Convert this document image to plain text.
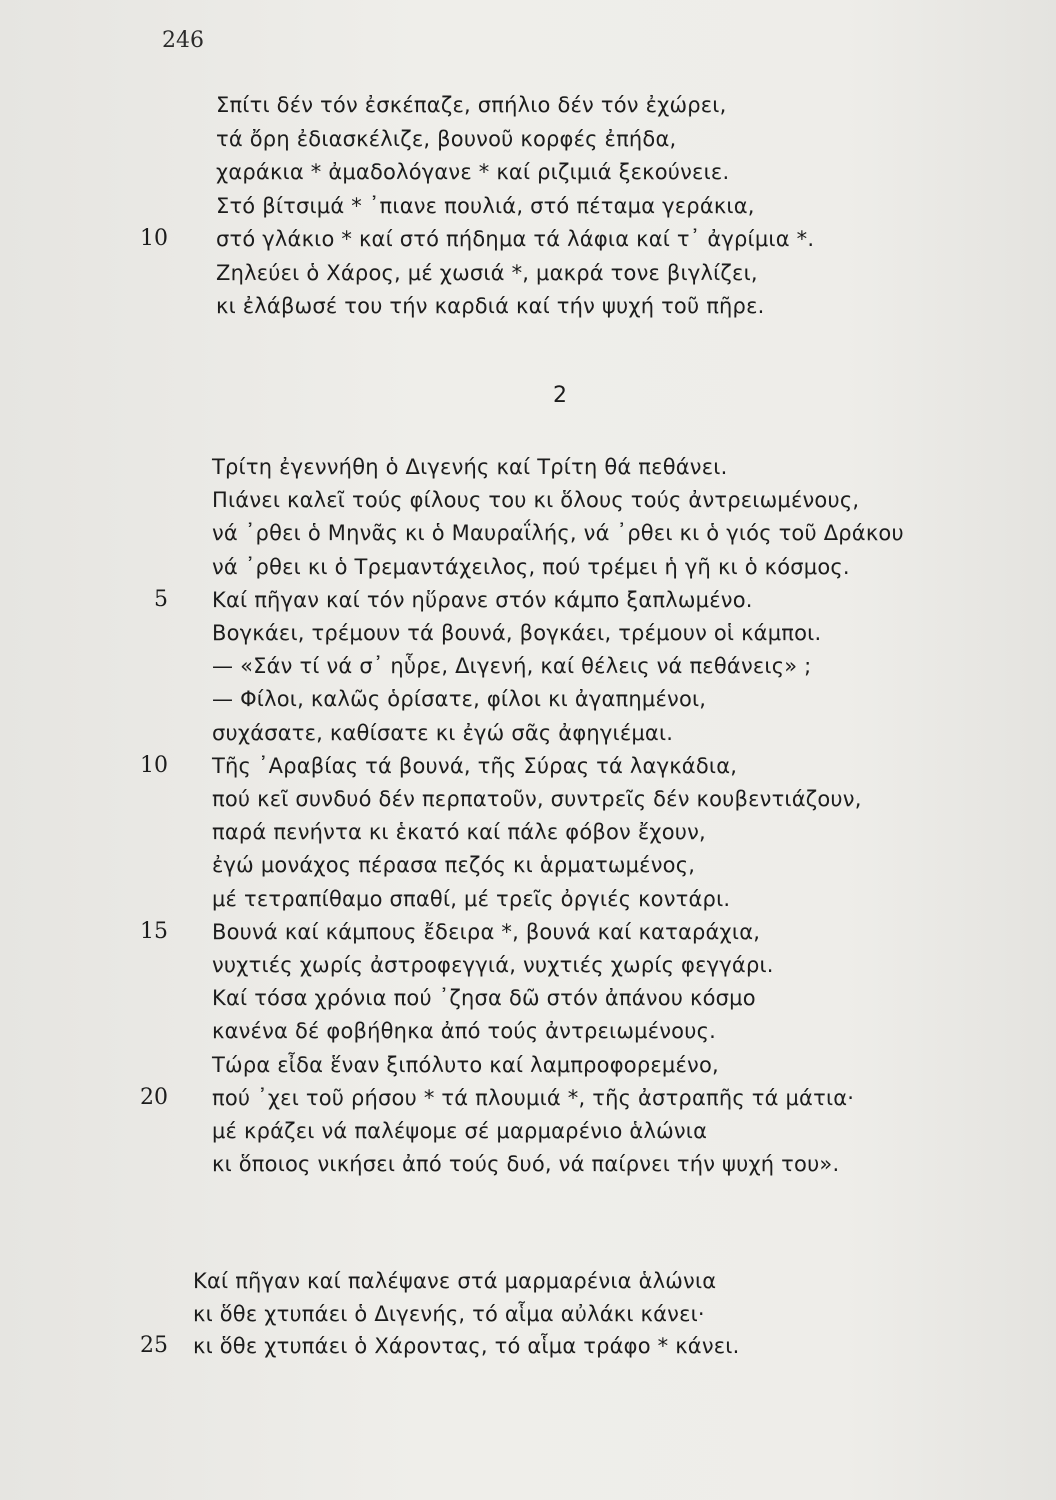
246
2
Σπίτι δέν τόν ἐσκέπαζε, σπήλιο δέν τόν ἐχώρει,
τά ὄρη ἐδιασκέλιζε, βουνοῦ κορφές ἐπήδα,
χαράκια * ἀμαδολόγανε * καί ριζιμιά ξεκούνειε.
Στό βίτσιμά * ᾽πιανε πουλιά, στό πέταμα γεράκια,
10 στό γλάκιο * καί στό πήδημα τά λάφια καί τ᾽ ἀγρίμια *.
Ζηλεύει ὁ Χάρος, μέ χωσιά *, μακρά τονε βιγλίζει,
κι ἐλάβωσέ του τήν καρδιά καί τήν ψυχή τοῦ πῆρε.
Τρίτη ἐγεννήθη ὁ Διγενής καί Τρίτη θά πεθάνει.
Πιάνει καλεῖ τούς φίλους του κι ὅλους τούς ἀντρειωμένους,
νά ᾽ρθει ὁ Μηνᾶς κι ὁ Μαυραΐλής, νά ᾽ρθει κι ὁ γιός τοῦ Δράκου
νά ᾽ρθει κι ὁ Τρεμαντάχειλος, πού τρέμει ἡ γῆ κι ὁ κόσμος.
5 Καί πῆγαν καί τόν ηὕρανε στόν κάμπο ξαπλωμένο.
Βογκάει, τρέμουν τά βουνά, βογκάει, τρέμουν οἱ κάμποι.
— «Σάν τί νά σ᾽ ηὗρε, Διγενή, καί θέλεις νά πεθάνεις» ;
— Φίλοι, καλῶς ὁρίσατε, φίλοι κι ἀγαπημένοι,
συχάσατε, καθίσατε κι ἐγώ σᾶς ἀφηγιέμαι.
10 Τῆς ᾽Αραβίας τά βουνά, τῆς Σύρας τά λαγκάδια,
πού κεῖ συνδυό δέν περπατοῦν, συντρεῖς δέν κουβεντιάζουν,
παρά πενήντα κι ἑκατό καί πάλε φόβον ἔχουν,
ἐγώ μονάχος πέρασα πεζός κι ἁρματωμένος,
μέ τετραπίθαμο σπαθί, μέ τρεῖς ὀργιές κοντάρι.
15 Βουνά καί κάμπους ἔδειρα *, βουνά καί καταράχια,
νυχτιές χωρίς ἀστροφεγγιά, νυχτιές χωρίς φεγγάρι.
Καί τόσα χρόνια πού ᾽ζησα δῶ στόν ἀπάνου κόσμο
κανένα δέ φοβήθηκα ἀπό τούς ἀντρειωμένους.
Τώρα εἶδα ἕναν ξιπόλυτο καί λαμπροφορεμένο,
20 πού ᾽χει τοῦ ρήσου * τά πλουμιά *, τῆς ἀστραπῆς τά μάτια·
μέ κράζει νά παλέψομε σέ μαρμαρένιο ἁλώνια
κι ὅποιος νικήσει ἀπό τούς δυό, νά παίρνει τήν ψυχή του».
Καί πῆγαν καί παλέψανε στά μαρμαρένια ἁλώνια
κι ὅθε χτυπάει ὁ Διγενής, τό αἷμα αὐλάκι κάνει·
25 κι ὅθε χτυπάει ὁ Χάροντας, τό αἷμα τράφο * κάνει.
